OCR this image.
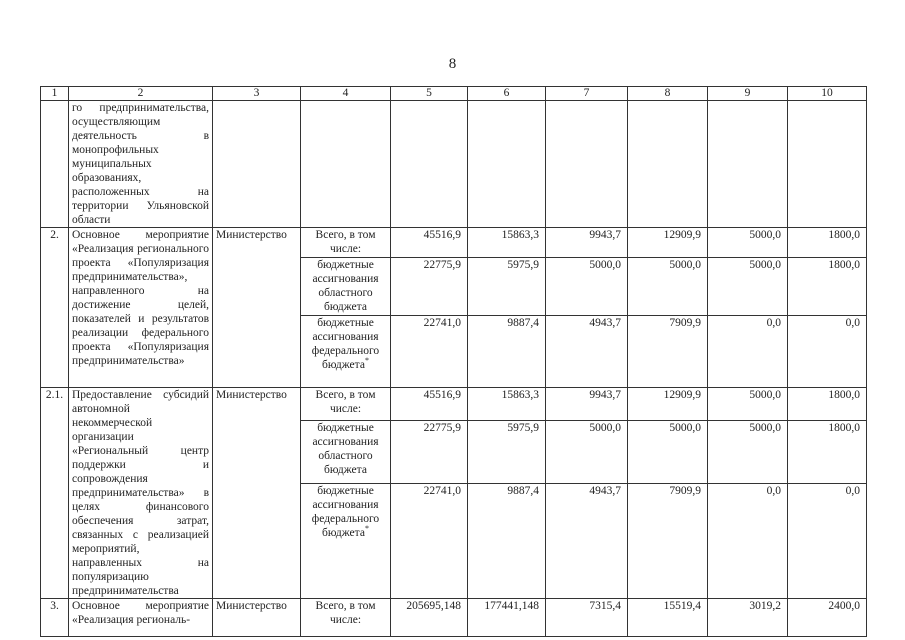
8
1	2	3	4	5	6	7	8	9	10
	го предпринимательства, осуществляющим деятельность в монопрофильных муниципальных образованиях, расположенных на территории Ульяновской области								
2.	Основное мероприятие «Реализация регионального проекта «Популяризация предпринимательства», направленного на достижение целей, показателей и результатов реализации федерального проекта «Популяризация предпринимательства»	Министерство	Всего, в том числе:	45516,9	15863,3	9943,7	12909,9	5000,0	1800,0
			бюджетные ассигнования областного бюджета	22775,9	5975,9	5000,0	5000,0	5000,0	1800,0
			бюджетные ассигнования федерального бюджета*	22741,0	9887,4	4943,7	7909,9	0,0	0,0
2.1.	Предоставление субсидий автономной некоммерческой организации «Региональный центр поддержки и сопровождения предпринимательства» в целях финансового обеспечения затрат, связанных с реализацией мероприятий, направленных на популяризацию предпринимательства	Министерство	Всего, в том числе:	45516,9	15863,3	9943,7	12909,9	5000,0	1800,0
			бюджетные ассигнования областного бюджета	22775,9	5975,9	5000,0	5000,0	5000,0	1800,0
			бюджетные ассигнования федерального бюджета*	22741,0	9887,4	4943,7	7909,9	0,0	0,0
3.	Основное мероприятие «Реализация региональ-	Министерство	Всего, в том числе:	205695,148	177441,148	7315,4	15519,4	3019,2	2400,0
